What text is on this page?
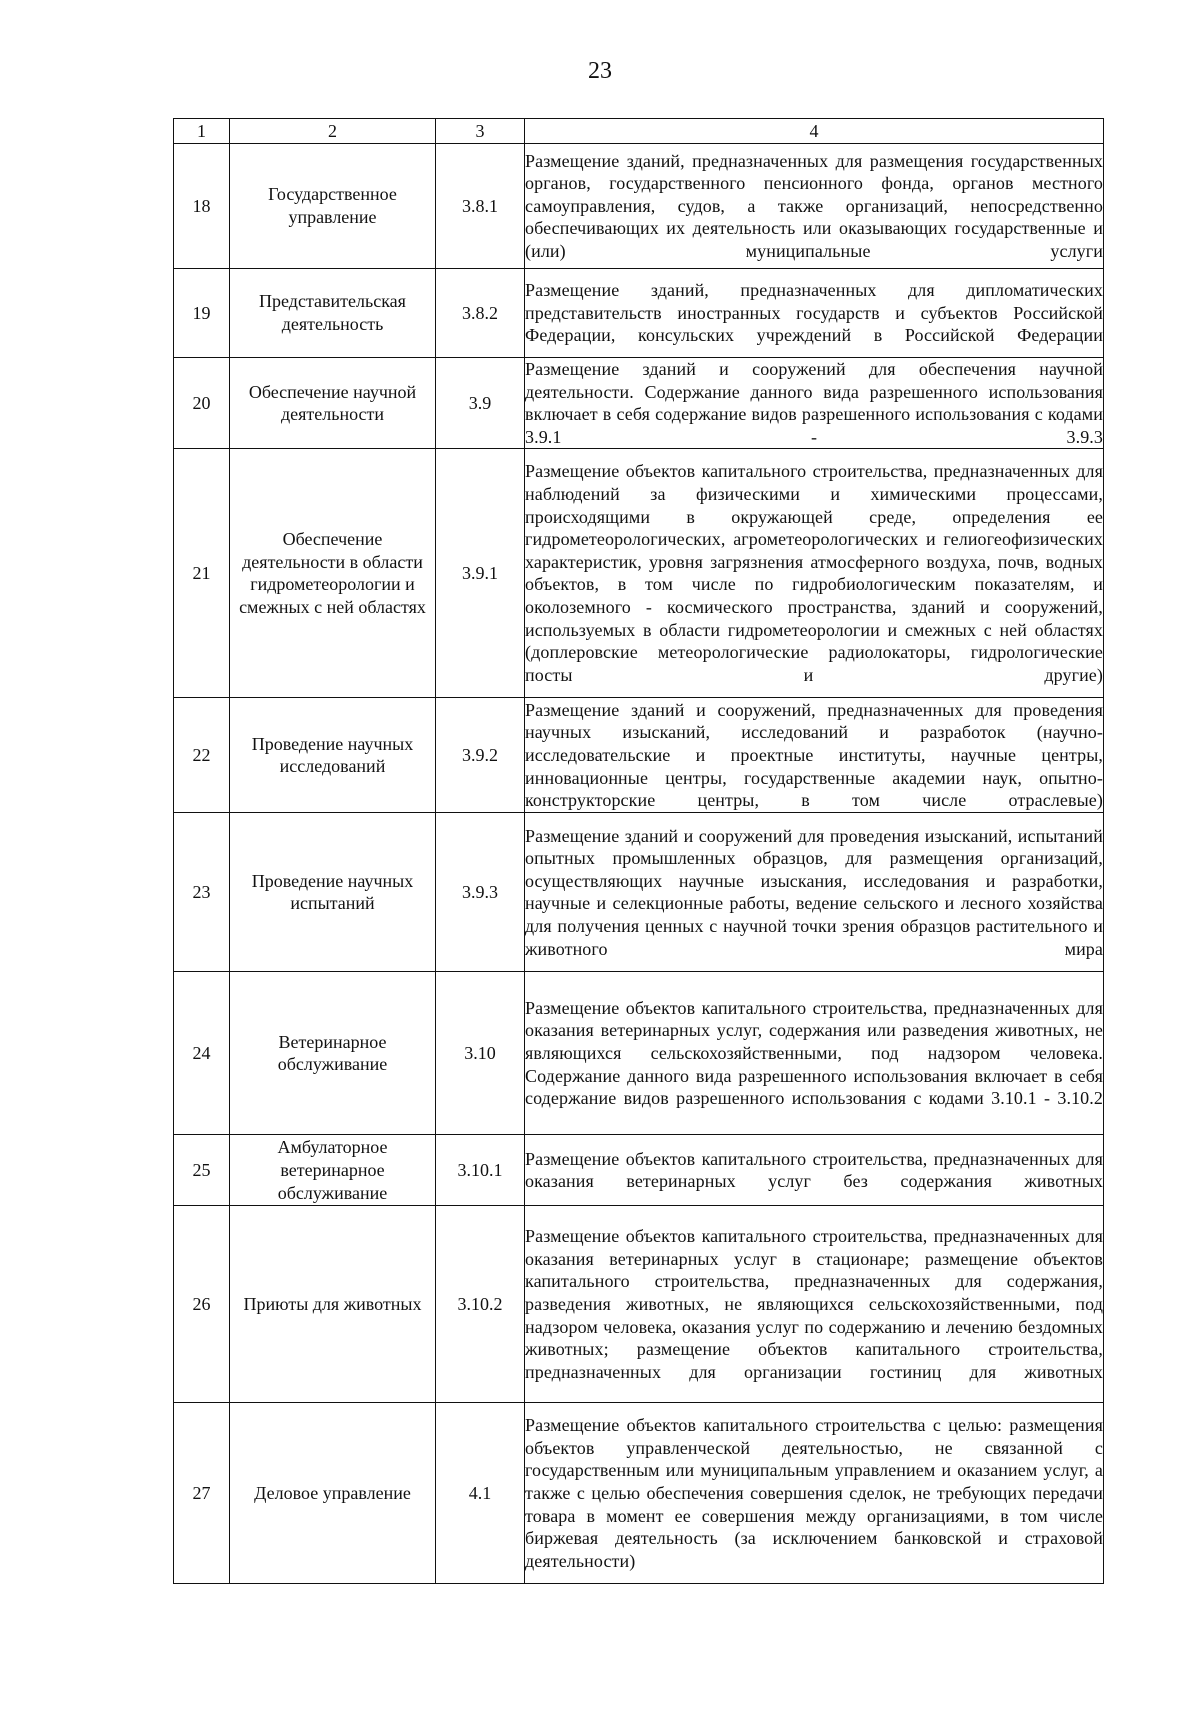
23
1	2	3	4
18	Государственное управление	3.8.1	Размещение зданий, предназначенных для размещения государственных органов, государственного пенсионного фонда, органов местного самоуправления, судов, а также организаций, непосредственно обеспечивающих их деятельность или оказывающих государственные и (или) муниципальные услуги
19	Представительская деятельность	3.8.2	Размещение зданий, предназначенных для дипломатических представительств иностранных государств и субъектов Российской Федерации, консульских учреждений в Российской Федерации
20	Обеспечение научной деятельности	3.9	Размещение зданий и сооружений для обеспечения научной деятельности. Содержание данного вида разрешенного использования включает в себя содержание видов разрешенного использования с кодами 3.9.1 - 3.9.3
21	Обеспечение деятельности в области гидрометеорологии и смежных с ней областях	3.9.1	Размещение объектов капитального строительства, предназначенных для наблюдений за физическими и химическими процессами, происходящими в окружающей среде, определения ее гидрометеорологических, агрометеорологических и гелиогеофизических характеристик, уровня загрязнения атмосферного воздуха, почв, водных объектов, в том числе по гидробиологическим показателям, и околоземного - космического пространства, зданий и сооружений, используемых в области гидрометеорологии и смежных с ней областях (доплеровские метеорологические радиолокаторы, гидрологические посты и другие)
22	Проведение научных исследований	3.9.2	Размещение зданий и сооружений, предназначенных для проведения научных изысканий, исследований и разработок (научно-исследовательские и проектные институты, научные центры, инновационные центры, государственные академии наук, опытно-конструкторские центры, в том числе отраслевые)
23	Проведение научных испытаний	3.9.3	Размещение зданий и сооружений для проведения изысканий, испытаний опытных промышленных образцов, для размещения организаций, осуществляющих научные изыскания, исследования и разработки, научные и селекционные работы, ведение сельского и лесного хозяйства для получения ценных с научной точки зрения образцов растительного и животного мира
24	Ветеринарное обслуживание	3.10	Размещение объектов капитального строительства, предназначенных для оказания ветеринарных услуг, содержания или разведения животных, не являющихся сельскохозяйственными, под надзором человека. Содержание данного вида разрешенного использования включает в себя содержание видов разрешенного использования с кодами 3.10.1 - 3.10.2
25	Амбулаторное ветеринарное обслуживание	3.10.1	Размещение объектов капитального строительства, предназначенных для оказания ветеринарных услуг без содержания животных
26	Приюты для животных	3.10.2	Размещение объектов капитального строительства, предназначенных для оказания ветеринарных услуг в стационаре; размещение объектов капитального строительства, предназначенных для содержания, разведения животных, не являющихся сельскохозяйственными, под надзором человека, оказания услуг по содержанию и лечению бездомных животных; размещение объектов капитального строительства, предназначенных для организации гостиниц для животных
27	Деловое управление	4.1	Размещение объектов капитального строительства с целью: размещения объектов управленческой деятельностью, не связанной с государственным или муниципальным управлением и оказанием услуг, а также с целью обеспечения совершения сделок, не требующих передачи товара в момент ее совершения между организациями, в том числе биржевая деятельность (за исключением банковской и страховой деятельности)
